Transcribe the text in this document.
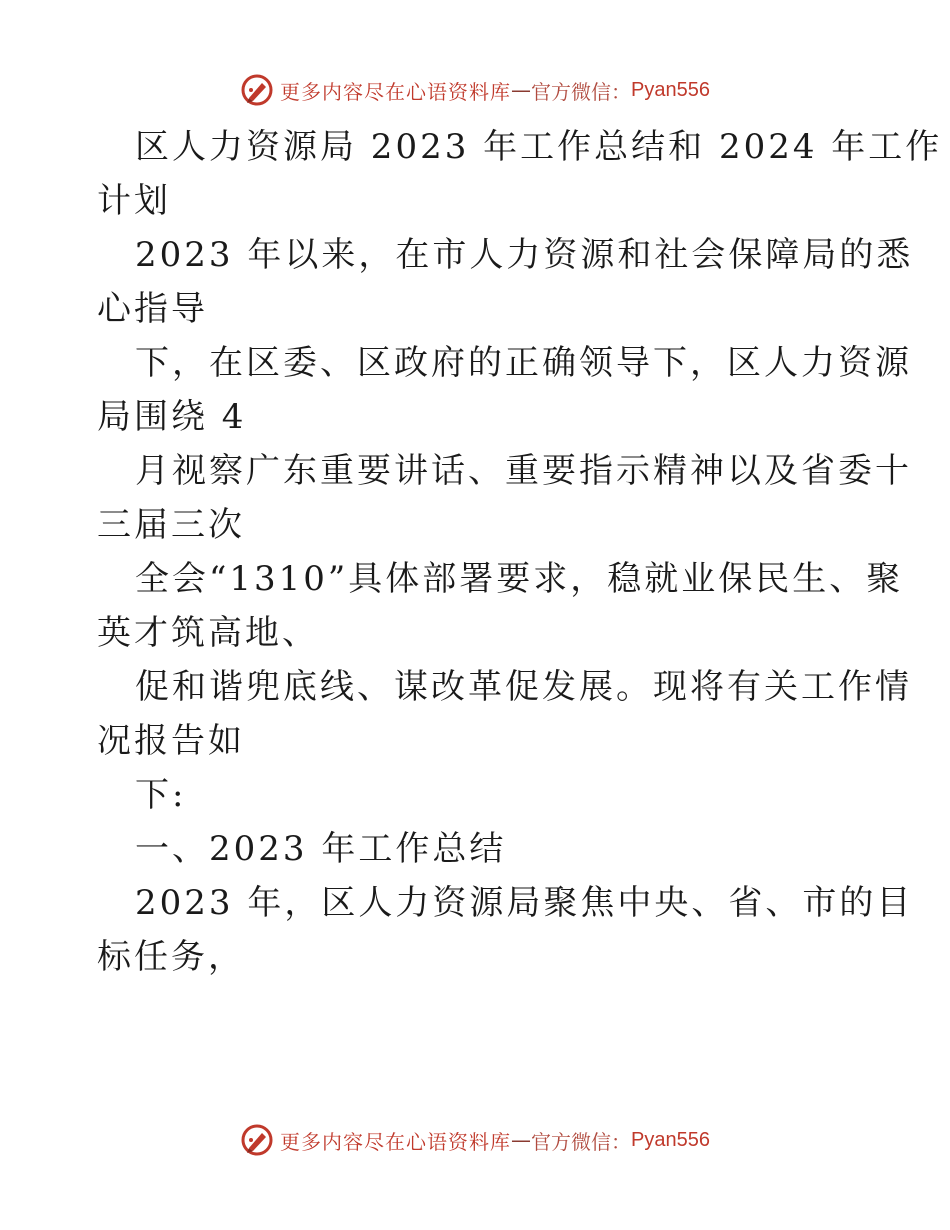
更多内容尽在心语资料库 — 官方微信： Pyan556
区人力资源局 2023 年工作总结和 2024 年工作
计划
2023 年以来，在市人力资源和社会保障局的悉
心指导
下，在区委、区政府的正确领导下，区人力资源
局围绕 4
月视察广东重要讲话、重要指示精神以及省委十
三届三次
全会“1310”具体部署要求，稳就业保民生、聚
英才筑高地、
促和谐兜底线、谋改革促发展。现将有关工作情
况报告如
下:
一、2023 年工作总结
2023 年，区人力资源局聚焦中央、省、市的目
标任务，
更多内容尽在心语资料库 — 官方微信： Pyan556
